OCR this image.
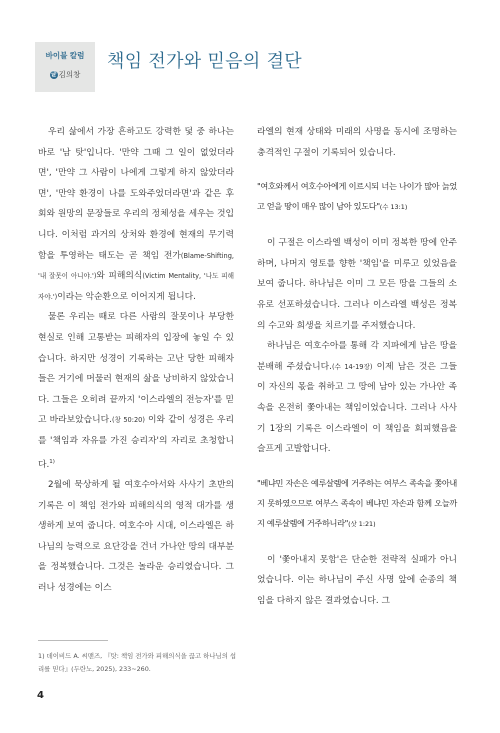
바이블 칼럼
글 김의창
책임 전가와 믿음의 결단

우리 삶에서 가장 흔하고도 강력한 덫 중 하나는 바로 '남 탓'입니다. '만약 그때 그 일이 없었더라면', '만약 그 사람이 나에게 그렇게 하지 않았더라면', '만약 환경이 나를 도와주었더라면'과 같은 후회와 원망의 문장들로 우리의 정체성을 세우는 것입니다. 이처럼 과거의 상처와 환경에 현재의 무기력함을 투영하는 태도는 곧 책임 전가(Blame-Shifting, '내 잘못이 아니야.')와 피해의식(Victim Mentality, '나도 피해자야.')이라는 악순환으로 이어지게 됩니다.

물론 우리는 때로 다른 사람의 잘못이나 부당한 현실로 인해 고통받는 피해자의 입장에 놓일 수 있습니다. 하지만 성경이 기록하는 고난 당한 피해자들은 거기에 머물러 현재의 삶을 낭비하지 않았습니다. 그들은 오히려 끝까지 '이스라엘의 전능자'를 믿고 바라보았습니다.(창 50:20) 이와 같이 성경은 우리를 '책임과 자유를 가진 승리자'의 자리로 초청합니다.$^{1)}$

2월에 묵상하게 될 여호수아서와 사사기 초반의 기록은 이 책임 전가와 피해의식의 영적 대가를 생생하게 보여 줍니다. 여호수아 시대, 이스라엘은 하나님의 능력으로 요단강을 건너 가나안 땅의 대부분을 정복했습니다. 그것은 놀라운 승리였습니다. 그러나 성경에는 이스

라엘의 현재 상태와 미래의 사명을 동시에 조명하는 충격적인 구절이 기록되어 있습니다.

"여호와께서 여호수아에게 이르시되 너는 나이가 많아 늙었고 얻을 땅이 매우 많이 남아 있도다"(수 13:1)

이 구절은 이스라엘 백성이 이미 정복한 땅에 안주하며, 나머지 영토를 향한 '책임'을 미루고 있었음을 보여 줍니다. 하나님은 이미 그 모든 땅을 그들의 소유로 선포하셨습니다. 그러나 이스라엘 백성은 정복의 수고와 희생을 치르기를 주저했습니다.

하나님은 여호수아를 통해 각 지파에게 남은 땅을 분배해 주셨습니다.(수 14-19장) 이제 남은 것은 그들이 자신의 몫을 취하고 그 땅에 남아 있는 가나안 족속을 온전히 쫓아내는 책임이었습니다. 그러나 사사기 1장의 기록은 이스라엘이 이 책임을 회피했음을 슬프게 고발합니다.

"베냐민 자손은 예루살렘에 거주하는 여부스 족속을 쫓아내지 못하였으므로 여부스 족속이 베냐민 자손과 함께 오늘까지 예루살렘에 거주하니라"(삿 1:21)

이 '쫓아내지 못함'은 단순한 전략적 실패가 아니었습니다. 이는 하나님이 주신 사명 앞에 순종의 책임을 다하지 않은 결과였습니다. 그

1) 데이비드 A. 씨맨즈, 『탓: 책임 전가와 피해의식을 끊고 하나님의 섭리를 믿다』(두란노, 2025), 233~260.
4
